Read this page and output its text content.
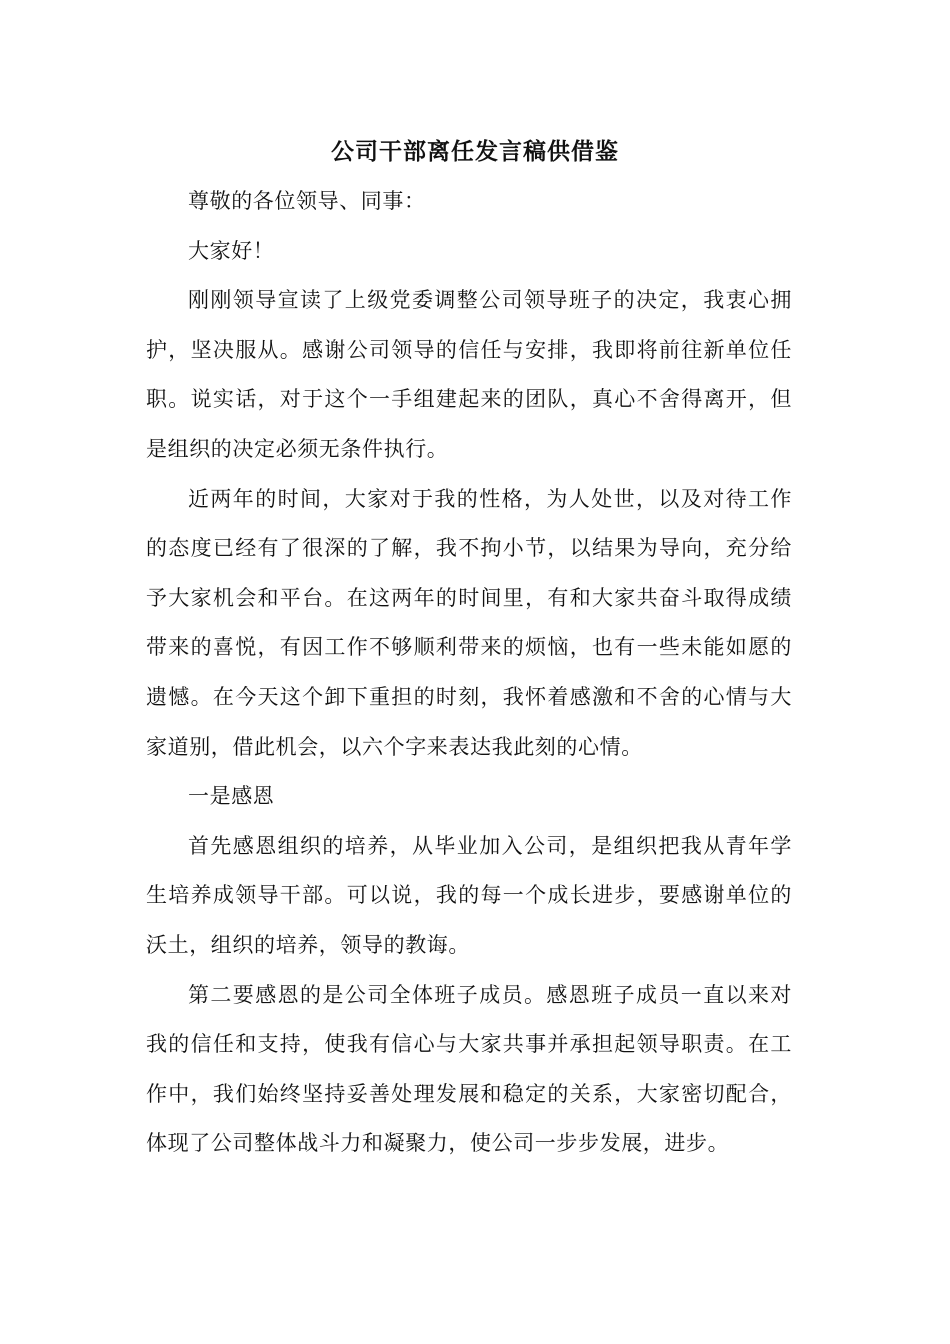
公司干部离任发言稿供借鉴

尊敬的各位领导、同事：

大家好！

刚刚领导宣读了上级党委调整公司领导班子的决定，我衷心拥护，坚决服从。感谢公司领导的信任与安排，我即将前往新单位任职。说实话，对于这个一手组建起来的团队，真心不舍得离开，但是组织的决定必须无条件执行。

近两年的时间，大家对于我的性格，为人处世，以及对待工作的态度已经有了很深的了解，我不拘小节，以结果为导向，充分给予大家机会和平台。在这两年的时间里，有和大家共奋斗取得成绩带来的喜悦，有因工作不够顺利带来的烦恼，也有一些未能如愿的遗憾。在今天这个卸下重担的时刻，我怀着感激和不舍的心情与大家道别，借此机会，以六个字来表达我此刻的心情。

一是感恩

首先感恩组织的培养，从毕业加入公司，是组织把我从青年学生培养成领导干部。可以说，我的每一个成长进步，要感谢单位的沃土，组织的培养，领导的教诲。

第二要感恩的是公司全体班子成员。感恩班子成员一直以来对我的信任和支持，使我有信心与大家共事并承担起领导职责。在工作中，我们始终坚持妥善处理发展和稳定的关系，大家密切配合，体现了公司整体战斗力和凝聚力，使公司一步步发展，进步。
